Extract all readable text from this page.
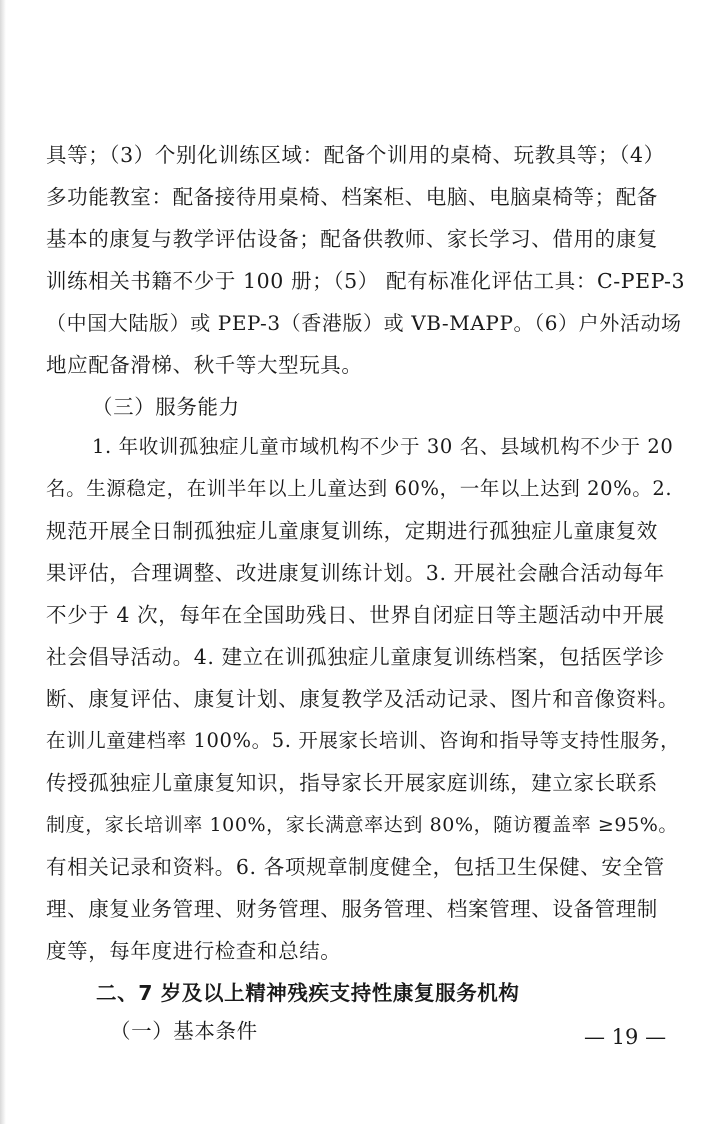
具等；（3）个别化训练区域：配备个训用的桌椅、玩教具等；（4）
多功能教室：配备接待用桌椅、档案柜、电脑、电脑桌椅等；配备
基本的康复与教学评估设备；配备供教师、家长学习、借用的康复
训练相关书籍不少于 100 册；（5） 配有标准化评估工具：C-PEP-3
（中国大陆版）或 PEP-3（香港版）或 VB-MAPP。（6）户外活动场
地应配备滑梯、秋千等大型玩具。
（三）服务能力
1. 年收训孤独症儿童市域机构不少于 30 名、县域机构不少于 20
名。生源稳定，在训半年以上儿童达到 60%，一年以上达到 20%。2.
规范开展全日制孤独症儿童康复训练，定期进行孤独症儿童康复效
果评估，合理调整、改进康复训练计划。3. 开展社会融合活动每年
不少于 4 次，每年在全国助残日、世界自闭症日等主题活动中开展
社会倡导活动。4. 建立在训孤独症儿童康复训练档案，包括医学诊
断、康复评估、康复计划、康复教学及活动记录、图片和音像资料。
在训儿童建档率 100%。5. 开展家长培训、咨询和指导等支持性服务，
传授孤独症儿童康复知识，指导家长开展家庭训练，建立家长联系
制度，家长培训率 100%，家长满意率达到 80%，随访覆盖率 ≥95%。
有相关记录和资料。6. 各项规章制度健全，包括卫生保健、安全管
理、康复业务管理、财务管理、服务管理、档案管理、设备管理制
度等，每年度进行检查和总结。
二、7 岁及以上精神残疾支持性康复服务机构
（一）基本条件	— 19 —
